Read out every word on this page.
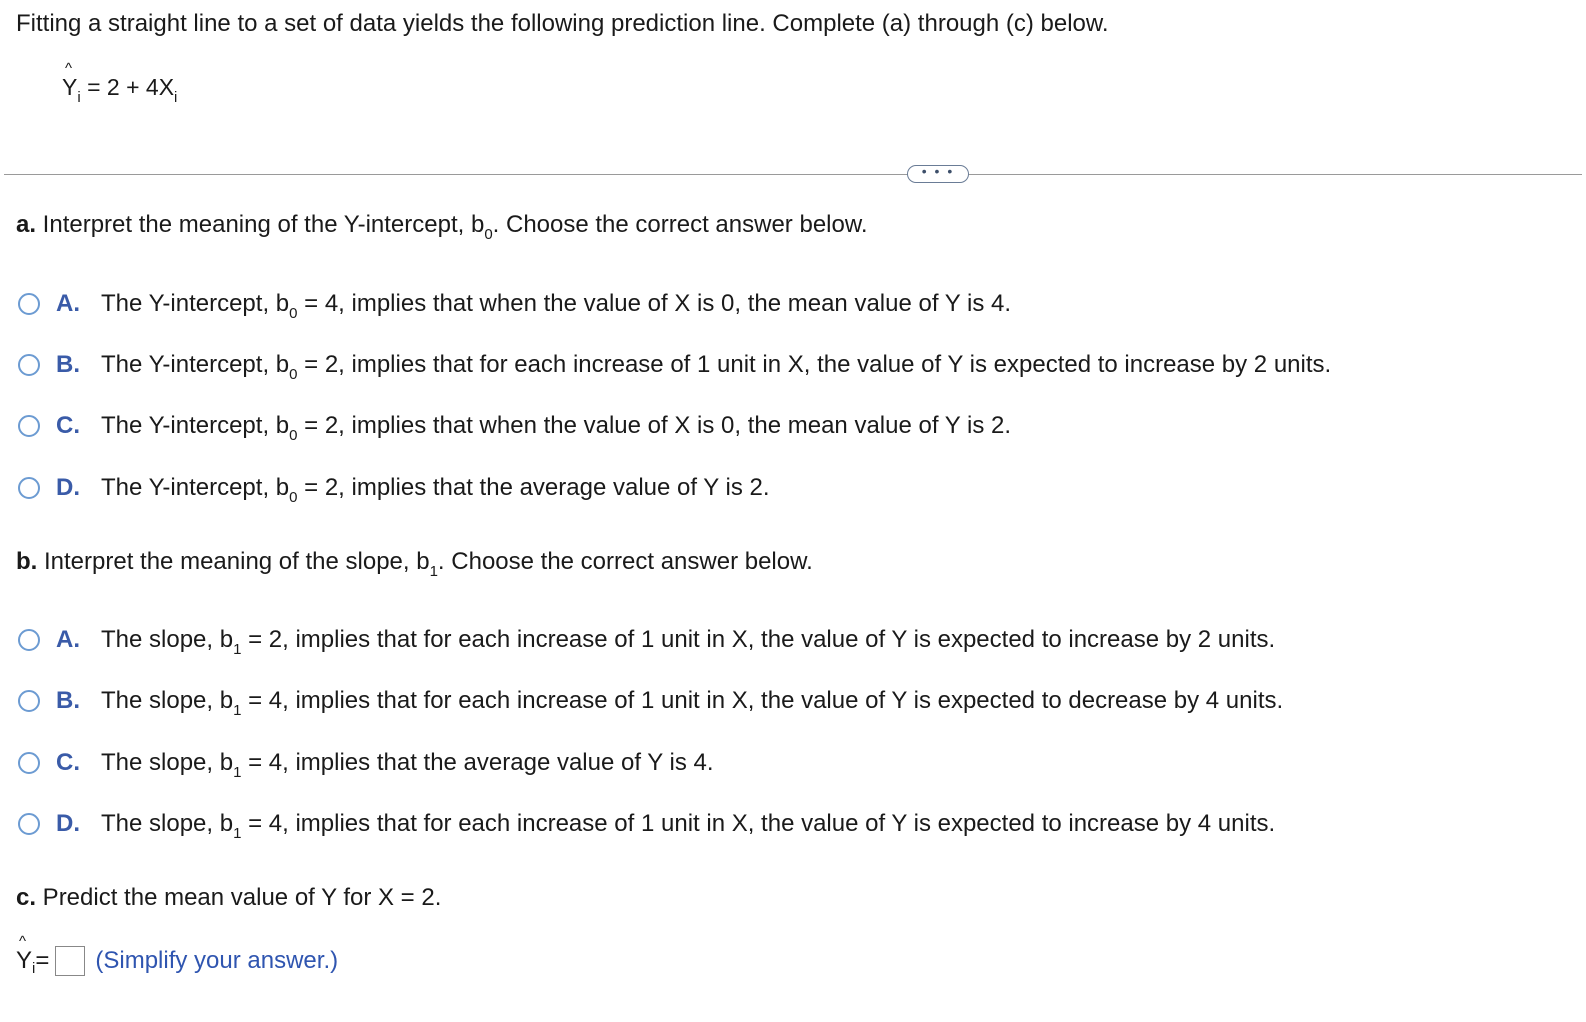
Fitting a straight line to a set of data yields the following prediction line. Complete (a) through (c) below.
^
$Y_i = 2 + 4X_i$
• • •
a. Interpret the meaning of the Y-intercept, $b_0$. Choose the correct answer below.
A. The Y-intercept, $b_0 = 4$, implies that when the value of X is 0, the mean value of Y is 4.
B. The Y-intercept, $b_0 = 2$, implies that for each increase of 1 unit in X, the value of Y is expected to increase by 2 units.
C. The Y-intercept, $b_0 = 2$, implies that when the value of X is 0, the mean value of Y is 2.
D. The Y-intercept, $b_0 = 2$, implies that the average value of Y is 2.
b. Interpret the meaning of the slope, $b_1$. Choose the correct answer below.
A. The slope, $b_1 = 2$, implies that for each increase of 1 unit in X, the value of Y is expected to increase by 2 units.
B. The slope, $b_1 = 4$, implies that for each increase of 1 unit in X, the value of Y is expected to decrease by 4 units.
C. The slope, $b_1 = 4$, implies that the average value of Y is 4.
D. The slope, $b_1 = 4$, implies that for each increase of 1 unit in X, the value of Y is expected to increase by 4 units.
c. Predict the mean value of Y for X = 2.
^
Y i = (Simplify your answer.)
